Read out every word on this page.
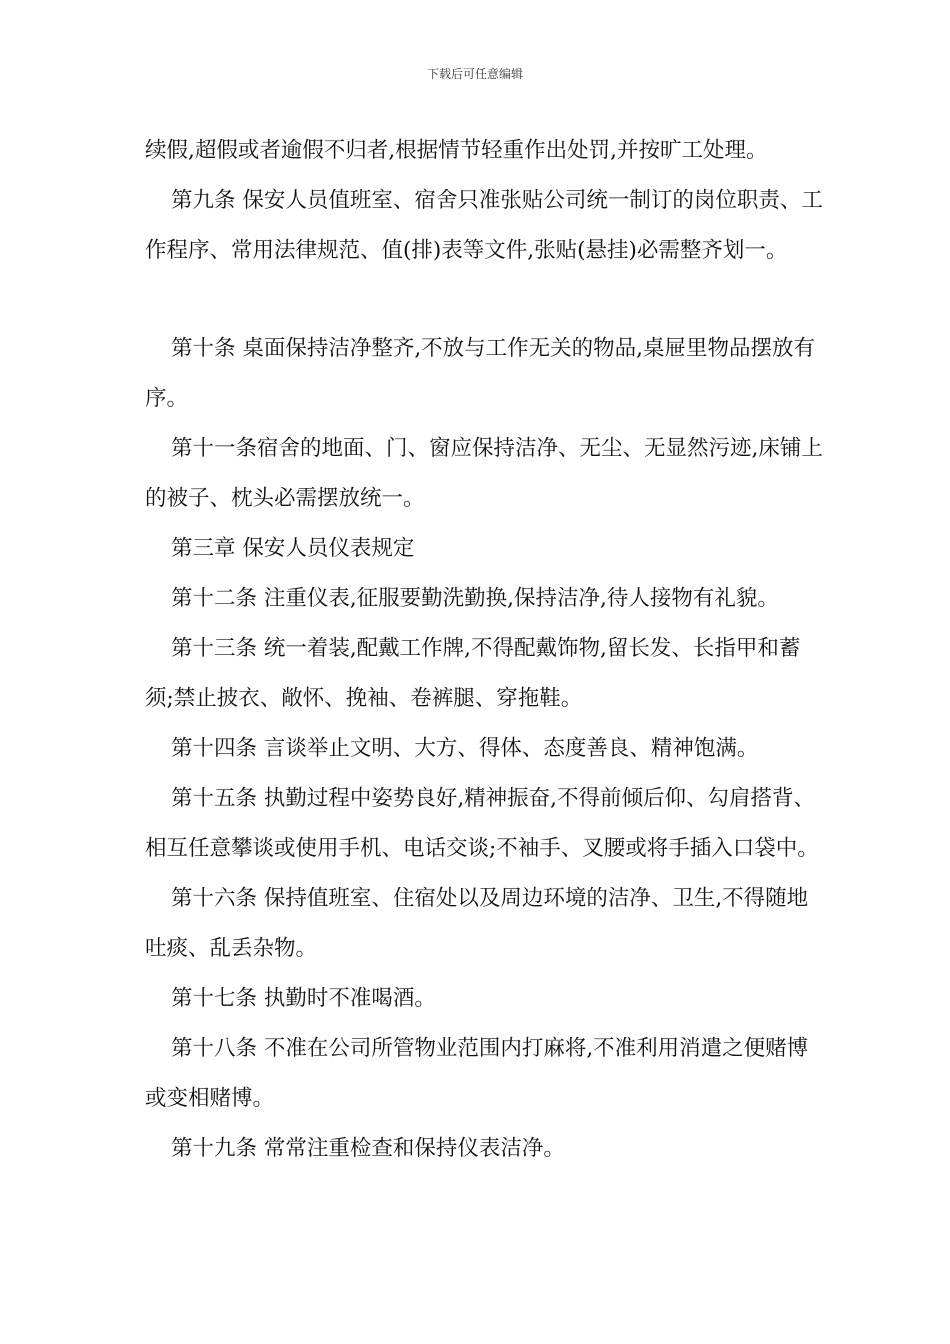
下载后可任意编辑

续假,超假或者逾假不归者,根据情节轻重作出处罚,并按旷工处理。

第九条 保安人员值班室、宿舍只准张贴公司统一制订的岗位职责、工作程序、常用法律规范、值(排)表等文件,张贴(悬挂)必需整齐划一。

第十条 桌面保持洁净整齐,不放与工作无关的物品,桌屉里物品摆放有序。

第十一条宿舍的地面、门、窗应保持洁净、无尘、无显然污迹,床铺上的被子、枕头必需摆放统一。

第三章 保安人员仪表规定

第十二条 注重仪表,征服要勤洗勤换,保持洁净,待人接物有礼貌。

第十三条 统一着装,配戴工作牌,不得配戴饰物,留长发、长指甲和蓄须;禁止披衣、敞怀、挽袖、卷裤腿、穿拖鞋。

第十四条 言谈举止文明、大方、得体、态度善良、精神饱满。

第十五条 执勤过程中姿势良好,精神振奋,不得前倾后仰、勾肩搭背、相互任意攀谈或使用手机、电话交谈;不袖手、叉腰或将手插入口袋中。

第十六条 保持值班室、住宿处以及周边环境的洁净、卫生,不得随地吐痰、乱丢杂物。

第十七条 执勤时不准喝酒。

第十八条 不准在公司所管物业范围内打麻将,不准利用消遣之便赌博或变相赌博。

第十九条 常常注重检查和保持仪表洁净。
